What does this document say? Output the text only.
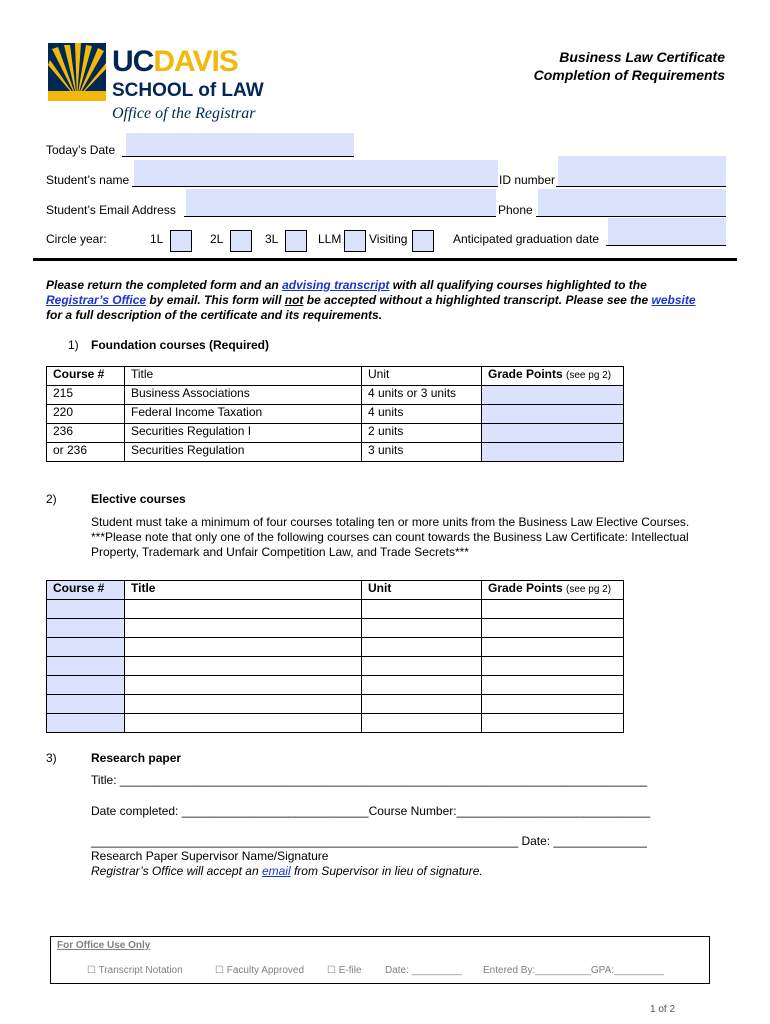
UCDAVIS
SCHOOL of LAW
Office of the Registrar
Business Law Certificate
Completion of Requirements
Today’s Date
Student’s name	ID number
Student’s Email Address	Phone
Circle year:	1L	2L	3L	LLM Visiting	Anticipated graduation date
Please return the completed form and an advising transcript with all qualifying courses highlighted to the Registrar’s Office by email. This form will not be accepted without a highlighted transcript. Please see the website for a full description of the certificate and its requirements.
1) Foundation courses (Required)
Course #	Title	Unit	Grade Points (see pg 2)
215	Business Associations	4 units or 3 units	
220	Federal Income Taxation	4 units	
236	Securities Regulation I	2 units	
or 236	Securities Regulation	3 units	
2)	Elective courses
Student must take a minimum of four courses totaling ten or more units from the Business Law Elective Courses.
***Please note that only one of the following courses can count towards the Business Law Certificate: Intellectual
Property, Trademark and Unfair Competition Law, and Trade Secrets***
Course #	Title	Unit	Grade Points (see pg 2)

3)	Research paper
Title: _______________________________________________________________________________
Date completed: ____________________________Course Number:_____________________________
________________________________________________________________ Date: ______________
Research Paper Supervisor Name/Signature
Registrar’s Office will accept an email from Supervisor in lieu of signature.
For Office Use Only
☐ Transcript Notation	☐ Faculty Approved ☐ E-file Date: _________ Entered By:__________GPA:_________
1 of 2
